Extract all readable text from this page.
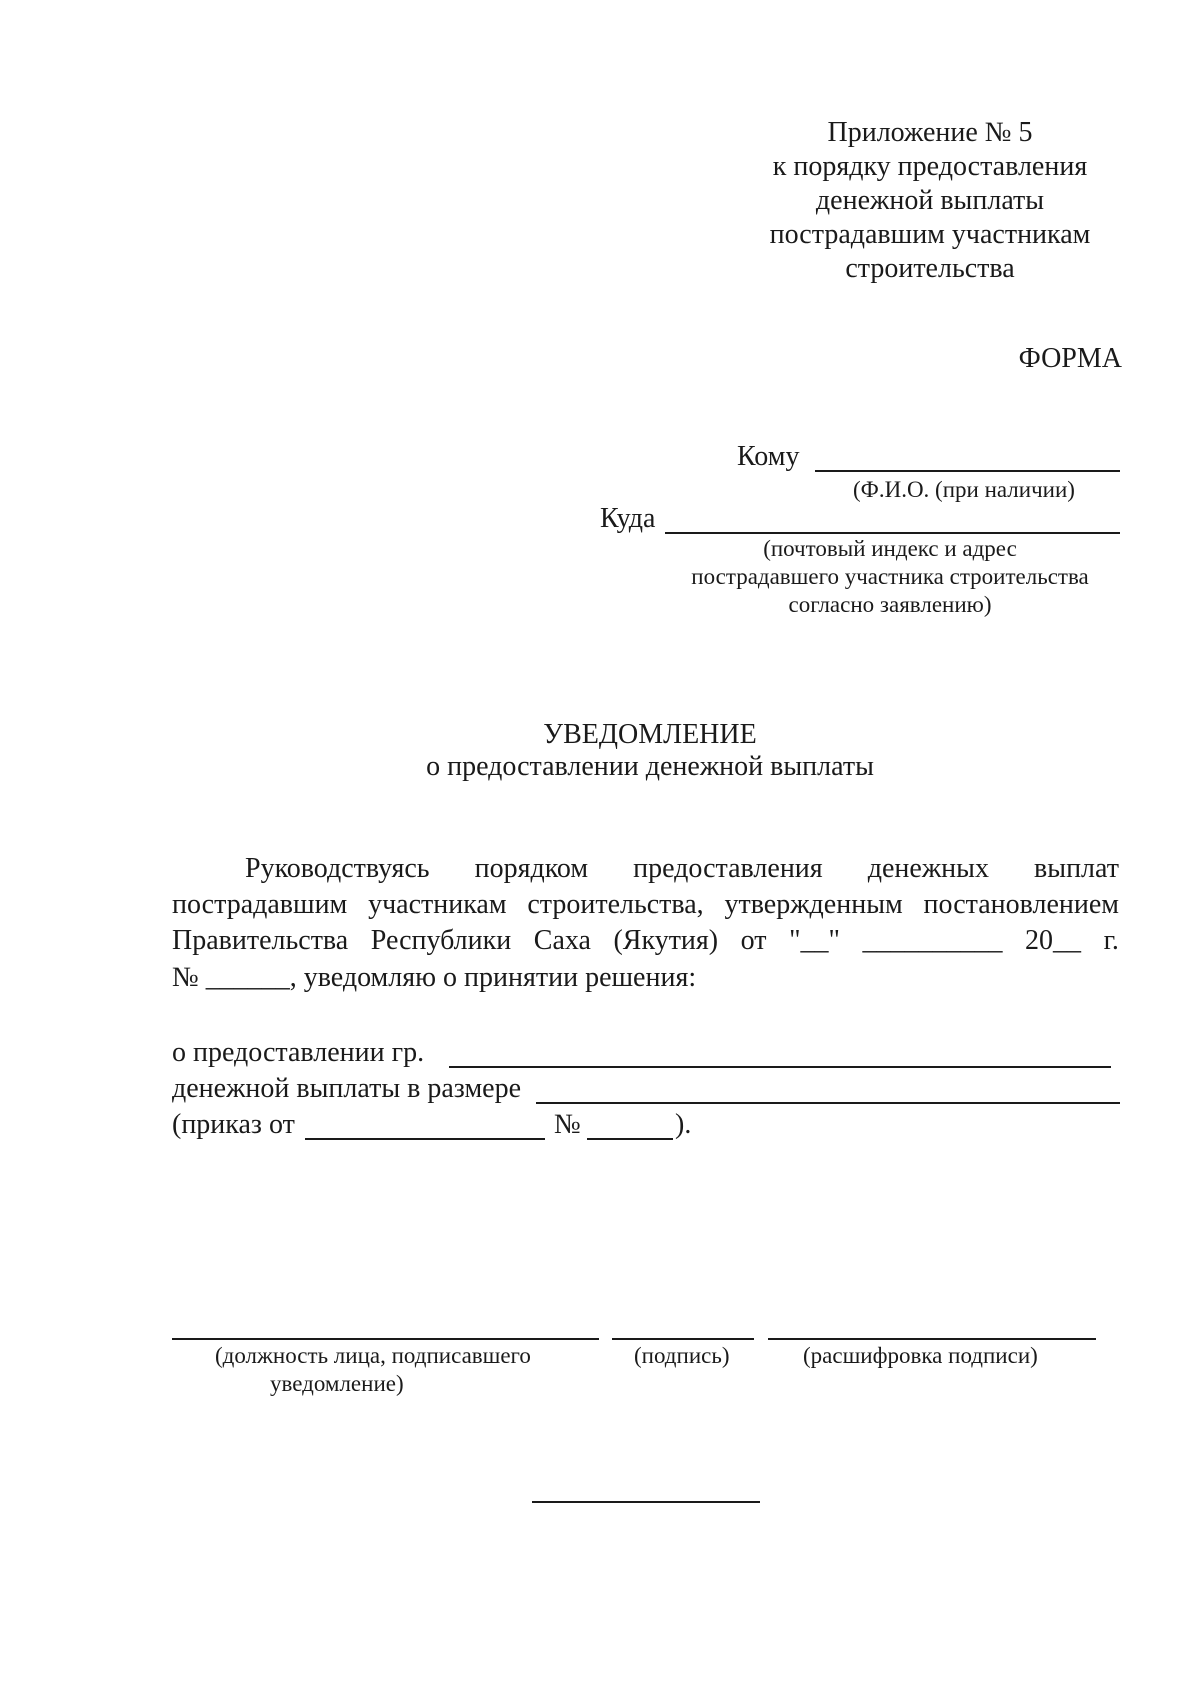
Приложение № 5
к порядку предоставления
денежной выплаты
пострадавшим участникам
строительства
ФОРМА
Кому
(Ф.И.О. (при наличии)
Куда
(почтовый индекс и адрес
пострадавшего участника строительства
согласно заявлению)
УВЕДОМЛЕНИЕ
о предоставлении денежной выплаты
Руководствуясь порядком предоставления денежных выплат
пострадавшим участникам строительства, утвержденным постановлением
Правительства Республики Саха (Якутия) от "__" __________ 20__ г.
№ ______, уведомляю о принятии решения:
о предоставлении гр.
денежной выплаты в размере
(приказ от	№	).
(должность лица, подписавшего
уведомление)
(подпись)	(расшифровка подписи)
